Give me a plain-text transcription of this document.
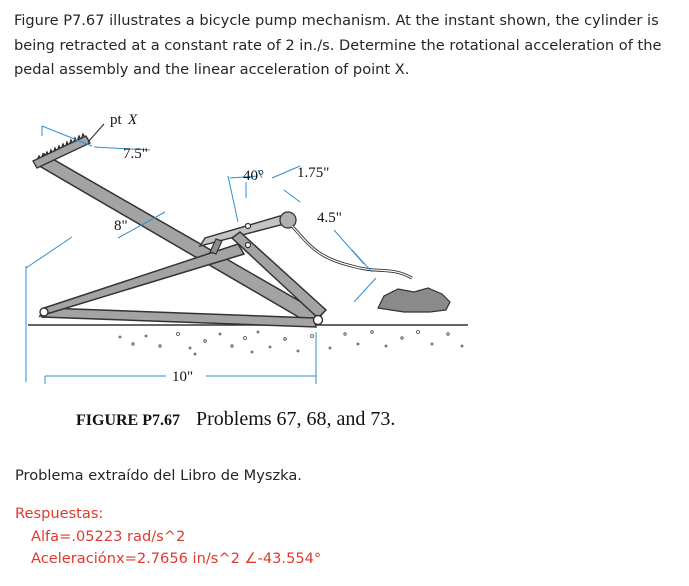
Figure P7.67 illustrates a bicycle pump mechanism. At the instant shown, the cylinder is being retracted at a constant rate of 2 in./s. Determine the rotational acceleration of the pedal assembly and the linear acceleration of point X.

pt X
7.5"
40° 1.75"
4.5"
8"
10"
FIGURE P7.67 Problems 67, 68, and 73.

Problema extraído del Libro de Myszka.

Respuestas:

Alfa=.05223 rad/s^2

Aceleraciónx=2.7656 in/s^2 ∠-43.554°
